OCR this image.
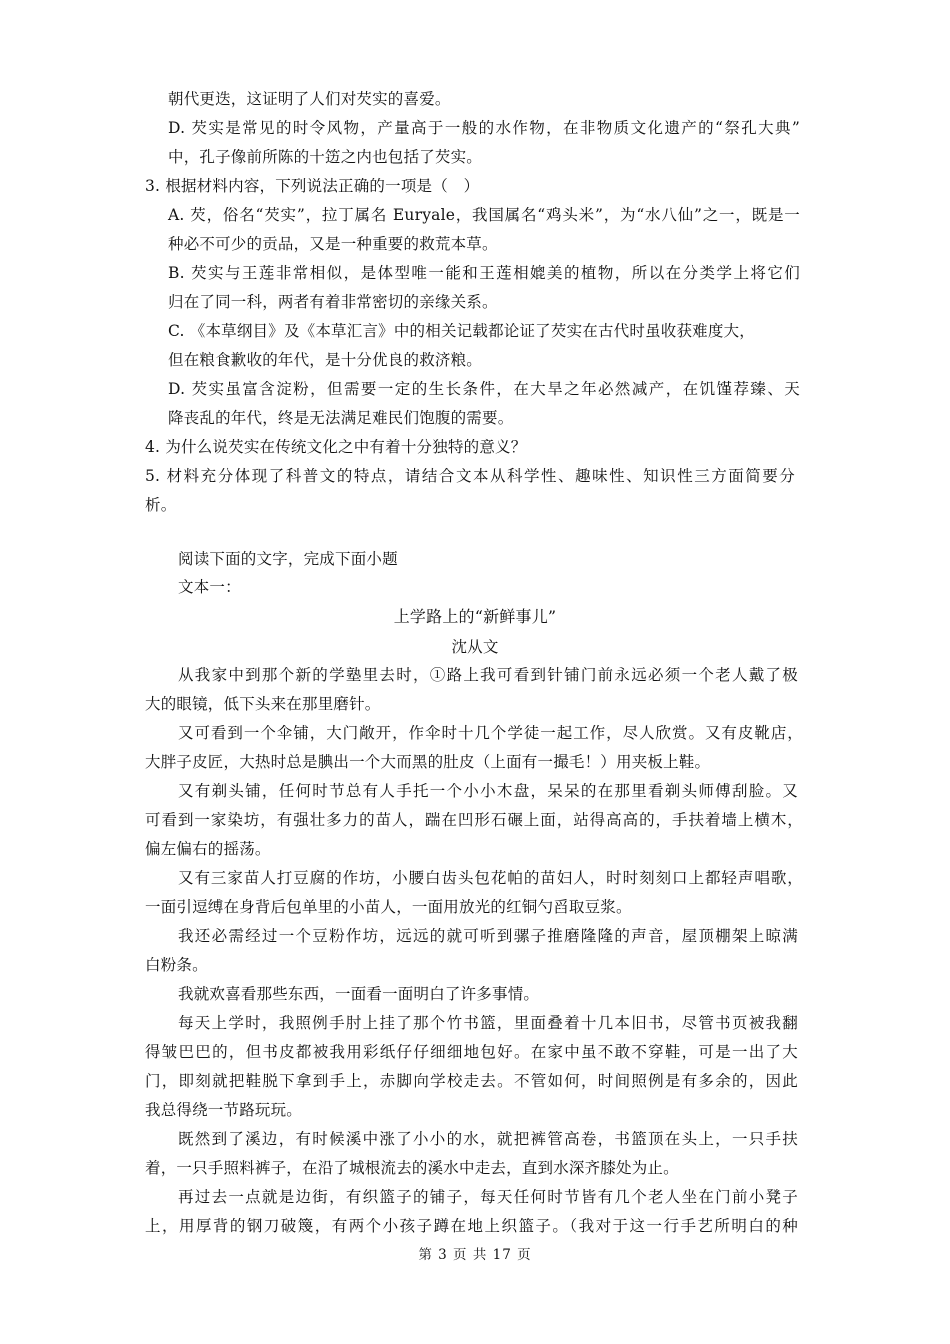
朝代更迭，这证明了人们对芡实的喜爱。

D. 芡实是常见的时令风物，产量高于一般的水作物，在非物质文化遗产的“祭孔大典”

中，孔子像前所陈的十笾之内也包括了芡实。

3. 根据材料内容，下列说法正确的一项是（　）

A. 芡，俗名“芡实”，拉丁属名 Euryale，我国属名“鸡头米”，为“水八仙”之一，既是一

种必不可少的贡品，又是一种重要的救荒本草。

B. 芡实与王莲非常相似，是体型唯一能和王莲相媲美的植物，所以在分类学上将它们

归在了同一科，两者有着非常密切的亲缘关系。

C. 《本草纲目》及《本草汇言》中的相关记载都论证了芡实在古代时虽收获难度大，

但在粮食歉收的年代，是十分优良的救济粮。

D. 芡实虽富含淀粉，但需要一定的生长条件，在大旱之年必然减产，在饥馑荐臻、天

降丧乱的年代，终是无法满足难民们饱腹的需要。

4. 为什么说芡实在传统文化之中有着十分独特的意义？

5. 材料充分体现了科普文的特点，请结合文本从科学性、趣味性、知识性三方面简要分

析。

阅读下面的文字，完成下面小题

文本一：

上学路上的“新鲜事儿”

沈从文

从我家中到那个新的学塾里去时，①路上我可看到针铺门前永远必须一个老人戴了极

大的眼镜，低下头来在那里磨针。

又可看到一个伞铺，大门敞开，作伞时十几个学徒一起工作，尽人欣赏。又有皮靴店，

大胖子皮匠，大热时总是腆出一个大而黑的肚皮（上面有一撮毛！）用夹板上鞋。

又有剃头铺，任何时节总有人手托一个小小木盘，呆呆的在那里看剃头师傅刮脸。又

可看到一家染坊，有强壮多力的苗人，踹在凹形石碾上面，站得高高的，手扶着墙上横木，

偏左偏右的摇荡。

又有三家苗人打豆腐的作坊，小腰白齿头包花帕的苗妇人，时时刻刻口上都轻声唱歌，

一面引逗缚在身背后包单里的小苗人，一面用放光的红铜勺舀取豆浆。

我还必需经过一个豆粉作坊，远远的就可听到骡子推磨隆隆的声音，屋顶棚架上晾满

白粉条。

我就欢喜看那些东西，一面看一面明白了许多事情。

每天上学时，我照例手肘上挂了那个竹书篮，里面叠着十几本旧书，尽管书页被我翻

得皱巴巴的，但书皮都被我用彩纸仔仔细细地包好。在家中虽不敢不穿鞋，可是一出了大

门，即刻就把鞋脱下拿到手上，赤脚向学校走去。不管如何，时间照例是有多余的，因此

我总得绕一节路玩玩。

既然到了溪边，有时候溪中涨了小小的水，就把裤管高卷，书篮顶在头上，一只手扶

着，一只手照料裤子，在沿了城根流去的溪水中走去，直到水深齐膝处为止。

再过去一点就是边街，有织篮子的铺子，每天任何时节皆有几个老人坐在门前小凳子

上，用厚背的钢刀破篾，有两个小孩子蹲在地上织篮子。（我对于这一行手艺所明白的种

第 3 页 共 17 页
